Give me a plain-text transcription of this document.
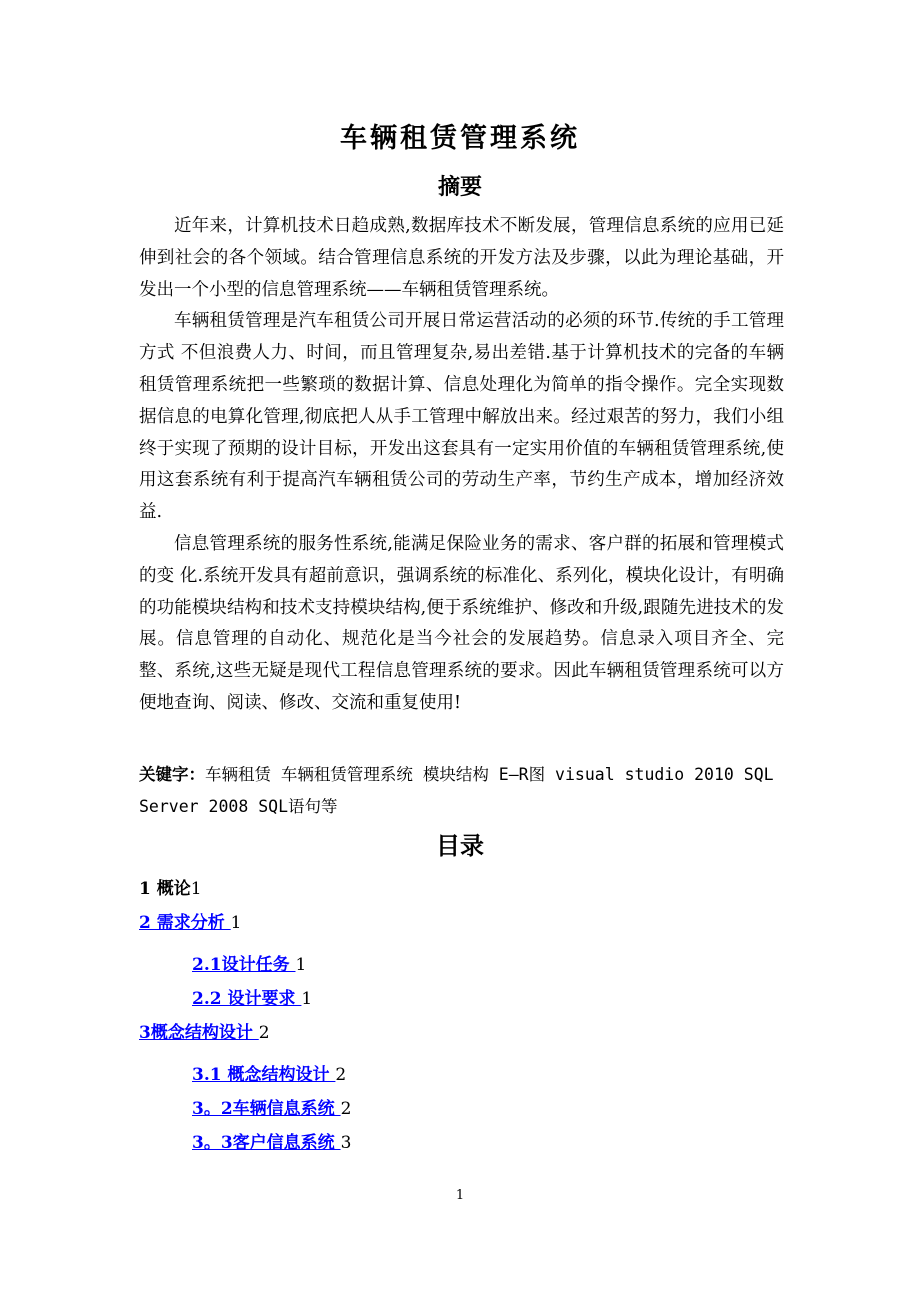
车辆租赁管理系统
摘要

近年来，计算机技术日趋成熟,数据库技术不断发展，管理信息系统的应用已延伸到社会的各个领域。结合管理信息系统的开发方法及步骤，以此为理论基础，开发出一个小型的信息管理系统——车辆租赁管理系统。

车辆租赁管理是汽车租赁公司开展日常运营活动的必须的环节.传统的手工管理方式 不但浪费人力、时间，而且管理复杂,易出差错.基于计算机技术的完备的车辆租赁管理系统把一些繁琐的数据计算、信息处理化为简单的指令操作。完全实现数据信息的电算化管理,彻底把人从手工管理中解放出来。经过艰苦的努力，我们小组终于实现了预期的设计目标，开发出这套具有一定实用价值的车辆租赁管理系统,使用这套系统有利于提高汽车辆租赁公司的劳动生产率，节约生产成本，增加经济效益.

信息管理系统的服务性系统,能满足保险业务的需求、客户群的拓展和管理模式的变 化.系统开发具有超前意识，强调系统的标准化、系列化，模块化设计，有明确的功能模块结构和技术支持模块结构,便于系统维护、修改和升级,跟随先进技术的发展。信息管理的自动化、规范化是当今社会的发展趋势。信息录入项目齐全、完整、系统,这些无疑是现代工程信息管理系统的要求。因此车辆租赁管理系统可以方便地查询、阅读、修改、交流和重复使用!

关键字：车辆租赁 车辆租赁管理系统 模块结构 E—R图 visual studio 2010 SQL Server 2008 SQL语句等
目录
1 概论1
2 需求分析 1
2.1设计任务 1
2.2 设计要求 1
3概念结构设计 2
3.1 概念结构设计 2
3。2车辆信息系统 2
3。3客户信息系统 3
1
